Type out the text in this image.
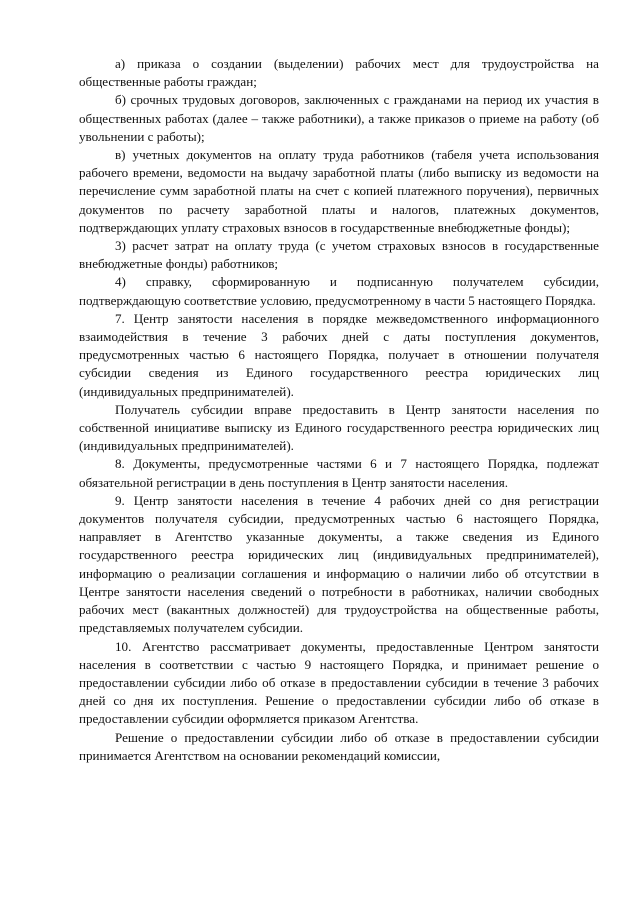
а) приказа о создании (выделении) рабочих мест для трудоустройства на общественные работы граждан;

б) срочных трудовых договоров, заключенных с гражданами на период их участия в общественных работах (далее – также работники), а также приказов о приеме на работу (об увольнении с работы);

в) учетных документов на оплату труда работников (табеля учета использования рабочего времени, ведомости на выдачу заработной платы (либо выписку из ведомости на перечисление сумм заработной платы на счет с копией платежного поручения), первичных документов по расчету заработной платы и налогов, платежных документов, подтверждающих уплату страховых взносов в государственные внебюджетные фонды);

3) расчет затрат на оплату труда (с учетом страховых взносов в государственные внебюджетные фонды) работников;

4) справку, сформированную и подписанную получателем субсидии, подтверждающую соответствие условию, предусмотренному в части 5 настоящего Порядка.

7. Центр занятости населения в порядке межведомственного информационного взаимодействия в течение 3 рабочих дней с даты поступления документов, предусмотренных частью 6 настоящего Порядка, получает в отношении получателя субсидии сведения из Единого государственного реестра юридических лиц (индивидуальных предпринимателей).

Получатель субсидии вправе предоставить в Центр занятости населения по собственной инициативе выписку из Единого государственного реестра юридических лиц (индивидуальных предпринимателей).

8. Документы, предусмотренные частями 6 и 7 настоящего Порядка, подлежат обязательной регистрации в день поступления в Центр занятости населения.

9. Центр занятости населения в течение 4 рабочих дней со дня регистрации документов получателя субсидии, предусмотренных частью 6 настоящего Порядка, направляет в Агентство указанные документы, а также сведения из Единого государственного реестра юридических лиц (индивидуальных предпринимателей), информацию о реализации соглашения и информацию о наличии либо об отсутствии в Центре занятости населения сведений о потребности в работниках, наличии свободных рабочих мест (вакантных должностей) для трудоустройства на общественные работы, представляемых получателем субсидии.

10. Агентство рассматривает документы, предоставленные Центром занятости населения в соответствии с частью 9 настоящего Порядка, и принимает решение о предоставлении субсидии либо об отказе в предоставлении субсидии в течение 3 рабочих дней со дня их поступления. Решение о предоставлении субсидии либо об отказе в предоставлении субсидии оформляется приказом Агентства.

Решение о предоставлении субсидии либо об отказе в предоставлении субсидии принимается Агентством на основании рекомендаций комиссии,
